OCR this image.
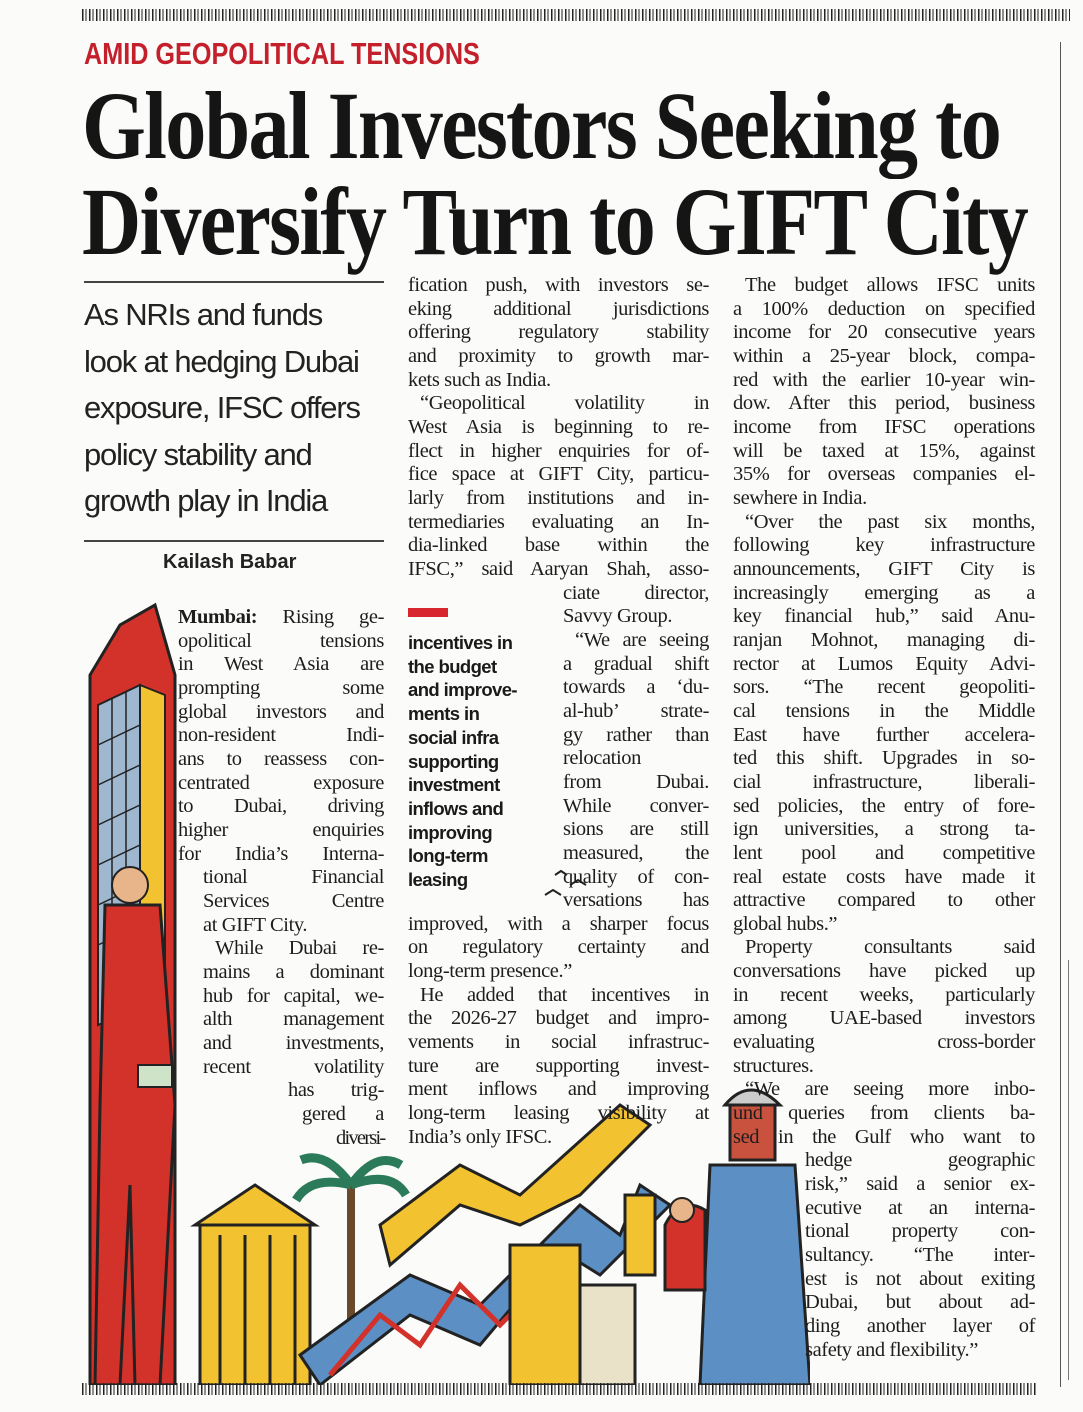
AMID GEOPOLITICAL TENSIONS
Global Investors Seeking to
Diversify Turn to GIFT City
As NRIs and funds
look at hedging Dubai
exposure, IFSC offers
policy stability and
growth play in India
Kailash Babar
incentives in
the budget
and improve-
ments in
social infra
supporting
investment
inflows and
improving
long-term
leasing
Mumbai: Rising ge-
opolitical tensions
in West Asia are
prompting some
global investors and
non-resident Indi-
ans to reassess con-
centrated exposure
to Dubai, driving
higher enquiries
for India’s Interna-
tional Financial
Services Centre
at GIFT City.
While Dubai re-
mains a dominant
hub for capital, we-
alth management
and investments,
recent volatility
has trig-
gered a
diversi-
fication push, with investors se-
eking additional jurisdictions
offering regulatory stability
and proximity to growth mar-
kets such as India.
“Geopolitical volatility in
West Asia is beginning to re-
flect in higher enquiries for of-
fice space at GIFT City, particu-
larly from institutions and in-
termediaries evaluating an In-
dia-linked base within the
IFSC,” said Aaryan Shah, asso-
ciate director,
Savvy Group.
“We are seeing
a gradual shift
towards a ‘du-
al-hub’ strate-
gy rather than
relocation
from Dubai.
While conver-
sions are still
measured, the
quality of con-
versations has
improved, with a sharper focus
on regulatory certainty and
long-term presence.”
He added that incentives in
the 2026-27 budget and impro-
vements in social infrastruc-
ture are supporting invest-
ment inflows and improving
long-term leasing visibility at
India’s only IFSC.
The budget allows IFSC units
a 100% deduction on specified
income for 20 consecutive years
within a 25-year block, compa-
red with the earlier 10-year win-
dow. After this period, business
income from IFSC operations
will be taxed at 15%, against
35% for overseas companies el-
sewhere in India.
“Over the past six months,
following key infrastructure
announcements, GIFT City is
increasingly emerging as a
key financial hub,” said Anu-
ranjan Mohnot, managing di-
rector at Lumos Equity Advi-
sors. “The recent geopoliti-
cal tensions in the Middle
East have further accelera-
ted this shift. Upgrades in so-
cial infrastructure, liberali-
sed policies, the entry of fore-
ign universities, a strong ta-
lent pool and competitive
real estate costs have made it
attractive compared to other
global hubs.”
Property consultants said
conversations have picked up
in recent weeks, particularly
among UAE-based investors
evaluating cross-border
structures.
“We are seeing more inbo-
und queries from clients ba-
sed in the Gulf who want to
hedge geographic
risk,” said a senior ex-
ecutive at an interna-
tional property con-
sultancy. “The inter-
est is not about exiting
Dubai, but about ad-
ding another layer of
safety and flexibility.”
